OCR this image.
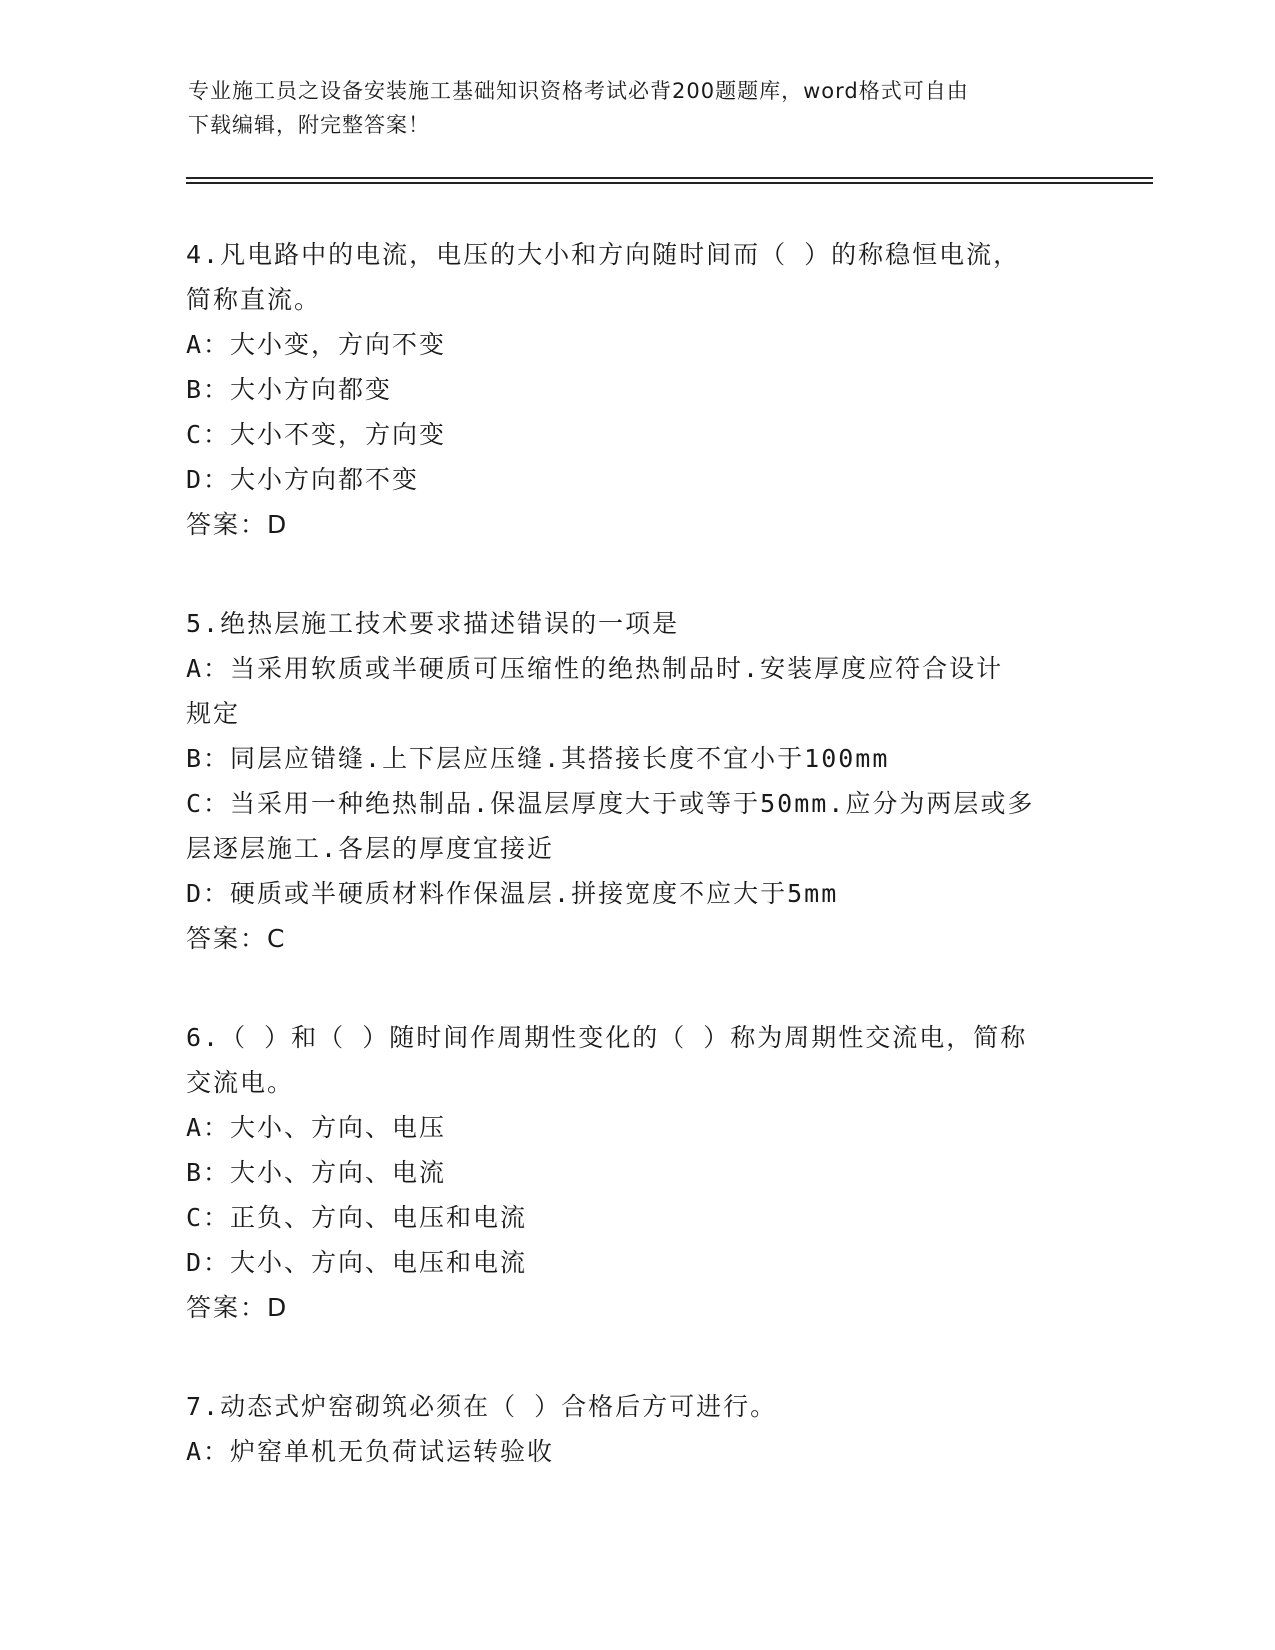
专业施工员之设备安装施工基础知识资格考试必背200题题库，word格式可自由
下载编辑，附完整答案！

4.凡电路中的电流，电压的大小和方向随时间而（ ）的称稳恒电流，

简称直流。

A：大小变，方向不变

B：大小方向都变

C：大小不变，方向变

D：大小方向都不变

答案：D

5.绝热层施工技术要求描述错误的一项是

A：当采用软质或半硬质可压缩性的绝热制品时.安装厚度应符合设计

规定

B：同层应错缝.上下层应压缝.其搭接长度不宜小于100mm

C：当采用一种绝热制品.保温层厚度大于或等于50mm.应分为两层或多

层逐层施工.各层的厚度宜接近

D：硬质或半硬质材料作保温层.拼接宽度不应大于5mm

答案：C

6.（ ）和（ ）随时间作周期性变化的（ ）称为周期性交流电，简称

交流电。

A：大小、方向、电压

B：大小、方向、电流

C：正负、方向、电压和电流

D：大小、方向、电压和电流

答案：D

7.动态式炉窑砌筑必须在（ ）合格后方可进行。

A：炉窑单机无负荷试运转验收
